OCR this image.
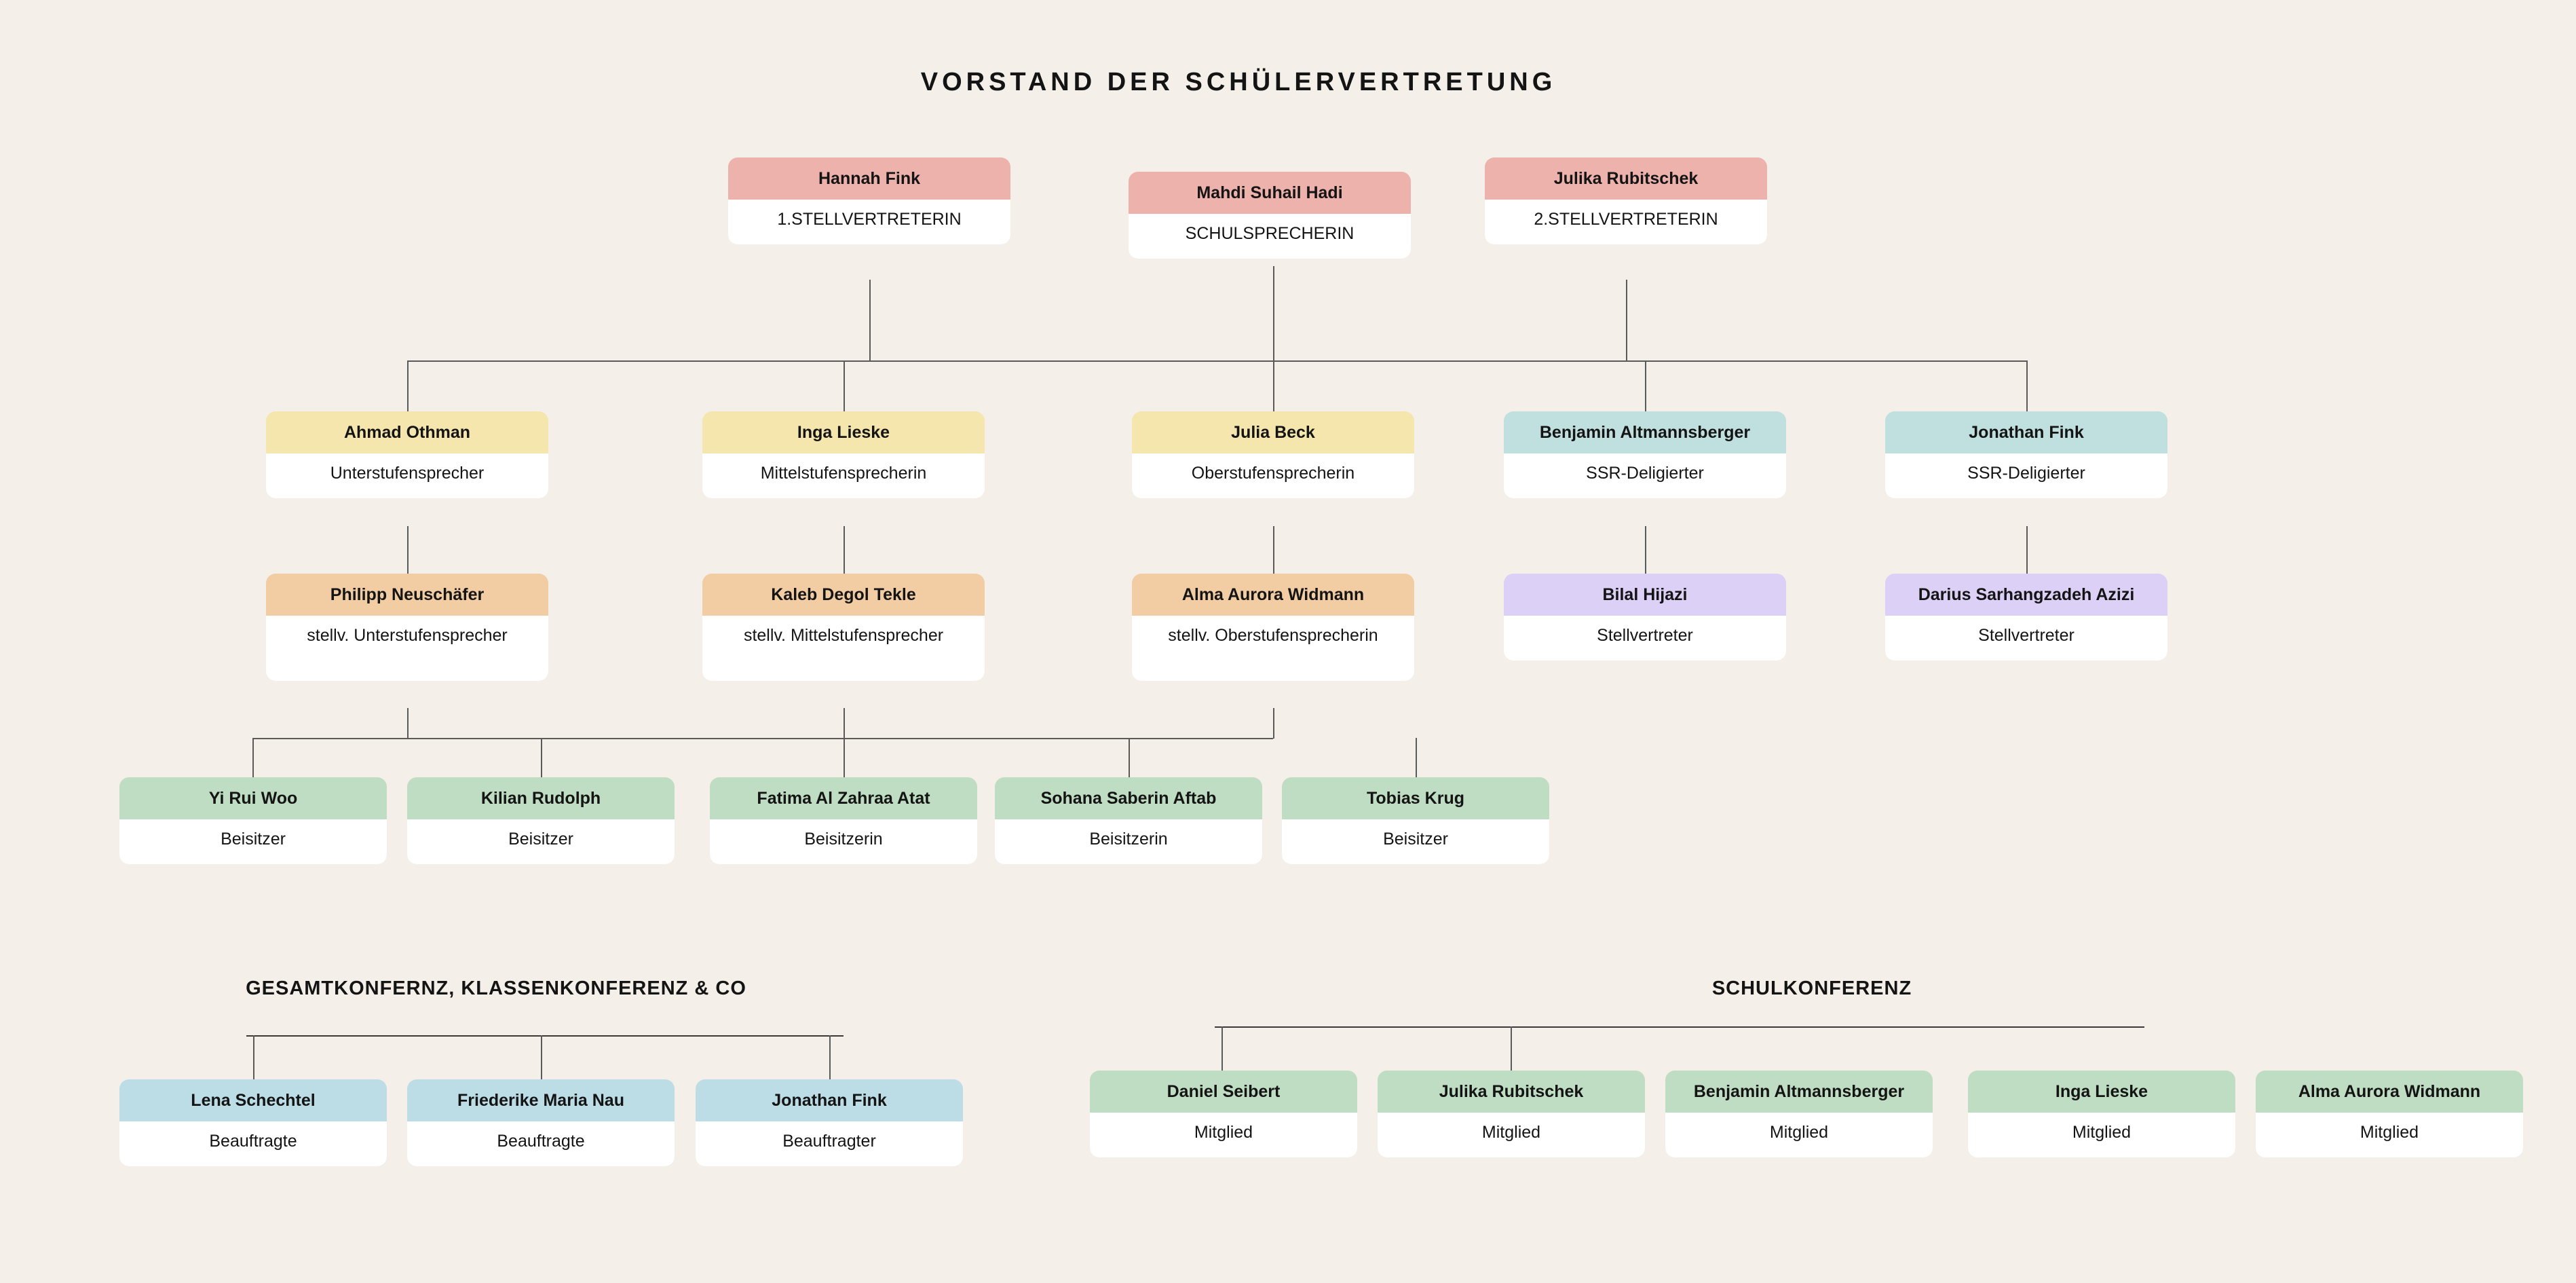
VORSTAND DER SCHÜLERVERTRETUNG
Hannah Fink
1.STELLVERTRETERIN
Mahdi Suhail Hadi
SCHULSPRECHERIN
Julika Rubitschek
2.STELLVERTRETERIN
Ahmad Othman
Unterstufensprecher
Inga Lieske
Mittelstufensprecherin
Julia Beck
Oberstufensprecherin
Benjamin Altmannsberger
SSR-Deligierter
Jonathan Fink
SSR-Deligierter
Philipp Neuschäfer
stellv. Unterstufensprecher
Kaleb Degol Tekle
stellv. Mittelstufensprecher
Alma Aurora Widmann
stellv. Oberstufensprecherin
Bilal Hijazi
Stellvertreter
Darius Sarhangzadeh Azizi
Stellvertreter
Yi Rui Woo
Beisitzer
Kilian Rudolph
Beisitzer
Fatima Al Zahraa Atat
Beisitzerin
Sohana Saberin Aftab
Beisitzerin
Tobias Krug
Beisitzer
GESAMTKONFERNZ, KLASSENKONFERENZ & CO
Lena Schechtel
Beauftragte
Friederike Maria Nau
Beauftragte
Jonathan Fink
Beauftragter
SCHULKONFERENZ
Daniel Seibert
Mitglied
Julika Rubitschek
Mitglied
Benjamin Altmannsberger
Mitglied
Inga Lieske
Mitglied
Alma Aurora Widmann
Mitglied
